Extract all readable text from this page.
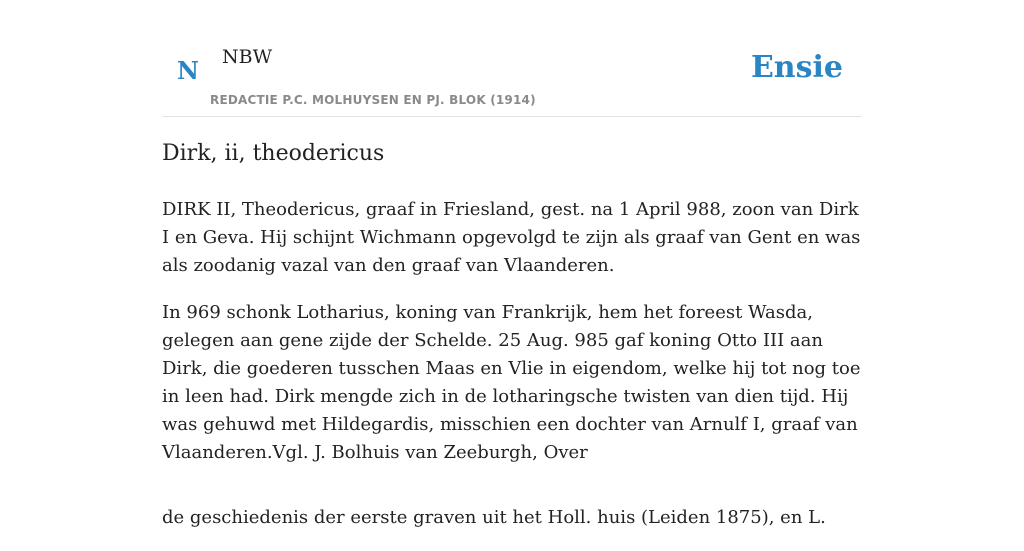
N NBW
REDACTIE P.C. MOLHUYSEN EN PJ. BLOK (1914)
Ensie
Dirk, ii, theodericus

DIRK II, Theodericus, graaf in Friesland, gest. na 1 April 988, zoon van Dirk I en Geva. Hij schijnt Wichmann opgevolgd te zijn als graaf van Gent en was als zoodanig vazal van den graaf van Vlaanderen.

In 969 schonk Lotharius, koning van Frankrijk, hem het foreest Wasda, gelegen aan gene zijde der Schelde. 25 Aug. 985 gaf koning Otto III aan Dirk, die goederen tusschen Maas en Vlie in eigendom, welke hij tot nog toe in leen had. Dirk mengde zich in de lotharingsche twisten van dien tijd. Hij was gehuwd met Hildegardis, misschien een dochter van Arnulf I, graaf van Vlaanderen.Vgl. J. Bolhuis van Zeeburgh, Over

de geschiedenis der eerste graven uit het Holl. huis (Leiden 1875), en L.
